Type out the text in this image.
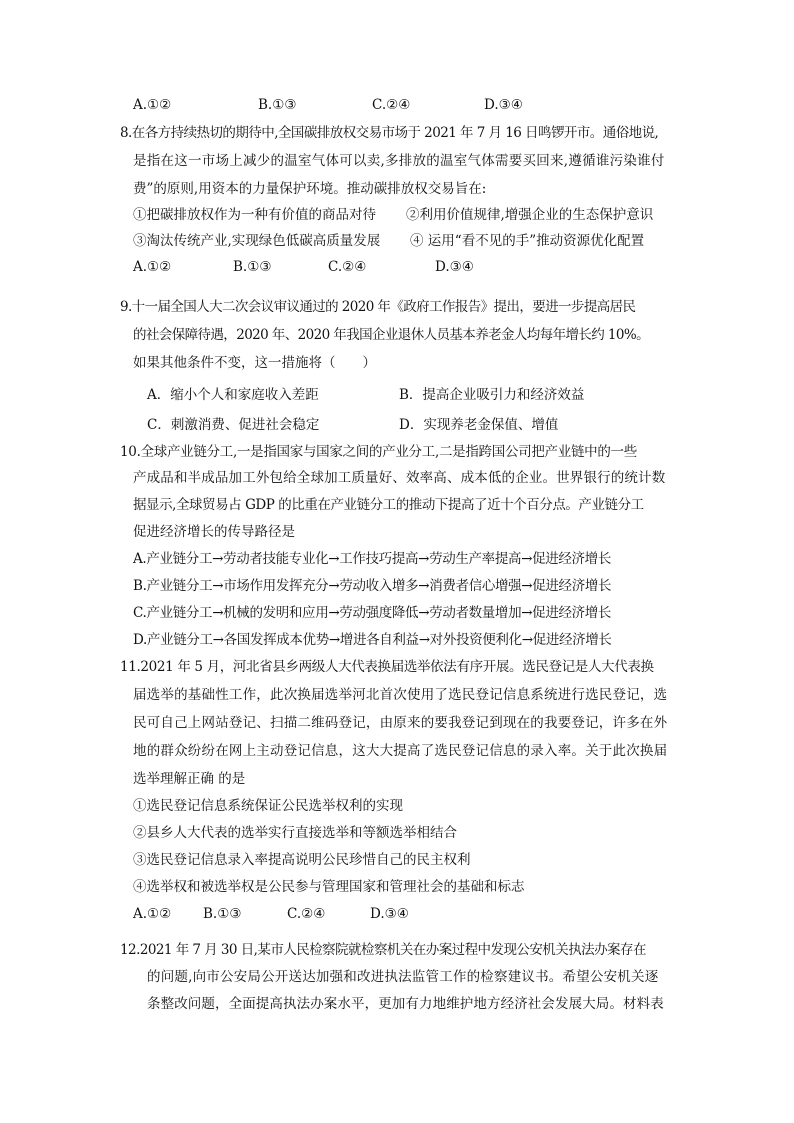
A.①②	B.①③	C.②④	D.③④
8.在各方持续热切的期待中,全国碳排放权交易市场于 2021 年 7 月 16 日鸣锣开市。通俗地说,
是指在这一市场上减少的温室气体可以卖,多排放的温室气体需要买回来,遵循谁污染谁付
费”的原则,用资本的力量保护环境。推动碳排放权交易旨在:
①把碳排放权作为一种有价值的商品对待 ②利用价值规律,增强企业的生态保护意识
③淘汰传统产业,实现绿色低碳高质量发展 ④ 运用“看不见的手”推动资源优化配置
A.①②	B.①③	C.②④	D.③④
9.十一届全国人大二次会议审议通过的 2020 年《政府工作报告》提出，要进一步提高居民
的社会保障待遇，2020 年、2020 年我国企业退休人员基本养老金人均每年增长约 10%。
如果其他条件不变，这一措施将（　　）
A．缩小个人和家庭收入差距	B．提高企业吸引力和经济效益
C．刺激消费、促进社会稳定	D．实现养老金保值、增值
10.全球产业链分工,一是指国家与国家之间的产业分工,二是指跨国公司把产业链中的一些
产成品和半成品加工外包给全球加工质量好、效率高、成本低的企业。世界银行的统计数
据显示,全球贸易占 GDP 的比重在产业链分工的推动下提高了近十个百分点。产业链分工
促进经济增长的传导路径是
A.产业链分工→劳动者技能专业化→工作技巧提高→劳动生产率提高→促进经济增长
B.产业链分工→市场作用发挥充分→劳动收入增多→消费者信心增强→促进经济增长
C.产业链分工→机械的发明和应用→劳动强度降低→劳动者数量增加→促进经济增长
D.产业链分工→各国发挥成本优势→增进各自利益→对外投资便利化→促进经济增长
11.2021 年 5 月，河北省县乡两级人大代表换届选举依法有序开展。选民登记是人大代表换
届选举的基础性工作，此次换届选举河北首次使用了选民登记信息系统进行选民登记，选
民可自己上网站登记、扫描二维码登记，由原来的要我登记到现在的我要登记，许多在外
地的群众纷纷在网上主动登记信息，这大大提高了选民登记信息的录入率。关于此次换届
选举理解正确 的是
①选民登记信息系统保证公民选举权利的实现
②县乡人大代表的选举实行直接选举和等额选举相结合
③选民登记信息录入率提高说明公民珍惜自己的民主权利
④选举权和被选举权是公民参与管理国家和管理社会的基础和标志
A.①② B.①③	C.②④	D.③④
12.2021 年 7 月 30 日,某市人民检察院就检察机关在办案过程中发现公安机关执法办案存在
的问题,向市公安局公开送达加强和改进执法监管工作的检察建议书。希望公安机关逐
条整改问题，全面提高执法办案水平，更加有力地维护地方经济社会发展大局。材料表
